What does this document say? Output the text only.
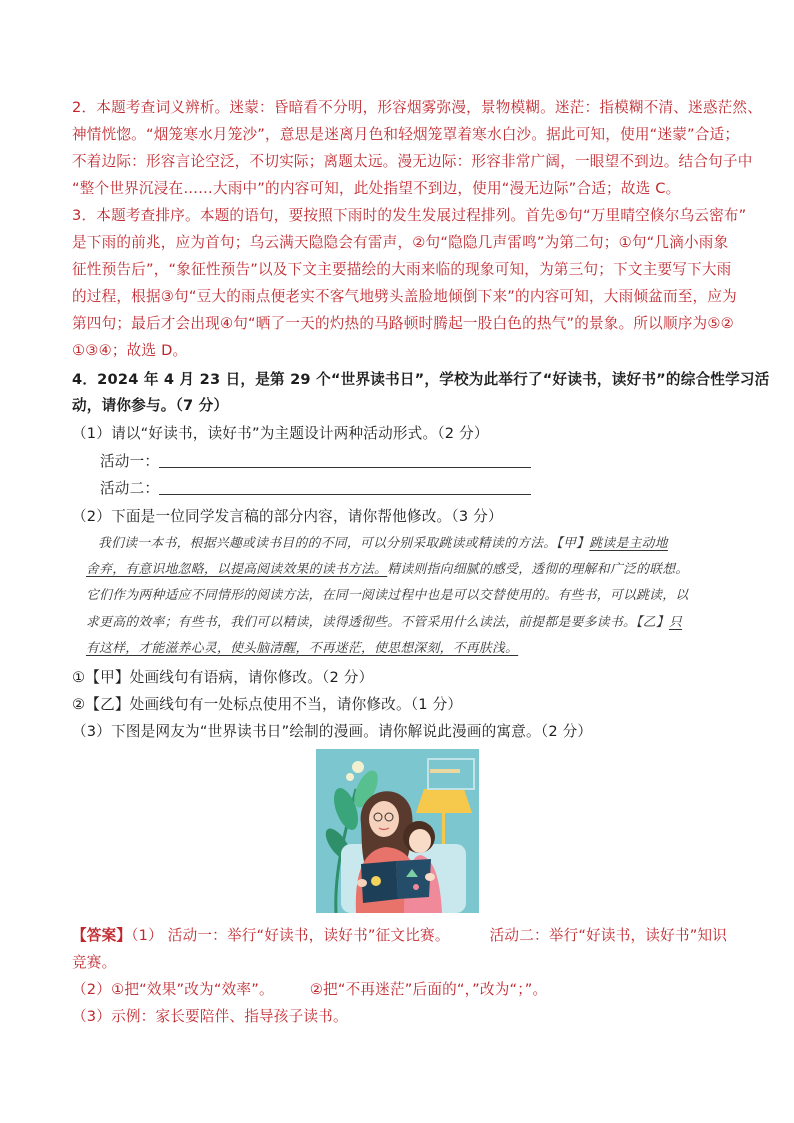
2．本题考查词义辨析。迷蒙：昏暗看不分明，形容烟雾弥漫，景物模糊。迷茫：指模糊不清、迷惑茫然、
神情恍惚。“烟笼寒水月笼沙”，意思是迷离月色和轻烟笼罩着寒水白沙。据此可知，使用“迷蒙”合适；
不着边际：形容言论空泛，不切实际；离题太远。漫无边际：形容非常广阔，一眼望不到边。结合句子中
“整个世界沉浸在……大雨中”的内容可知，此处指望不到边，使用“漫无边际”合适；故选 C。
3．本题考查排序。本题的语句，要按照下雨时的发生发展过程排列。首先⑤句“万里晴空倏尔乌云密布”
是下雨的前兆，应为首句；乌云满天隐隐会有雷声，②句“隐隐几声雷鸣”为第二句；①句“几滴小雨象
征性预告后”，“象征性预告”以及下文主要描绘的大雨来临的现象可知，为第三句；下文主要写下大雨
的过程，根据③句“豆大的雨点便老实不客气地劈头盖脸地倾倒下来”的内容可知，大雨倾盆而至，应为
第四句；最后才会出现④句“晒了一天的灼热的马路顿时腾起一股白色的热气”的景象。所以顺序为⑤②
①③④；故选 D。
4．2024 年 4 月 23 日，是第 29 个“世界读书日”，学校为此举行了“好读书，读好书”的综合性学习活
动，请你参与。（7 分）
（1）请以“好读书，读好书”为主题设计两种活动形式。（2 分）
活动一：
活动二：
（2）下面是一位同学发言稿的部分内容，请你帮他修改。（3 分）
我们读一本书，根据兴趣或读书目的的不同，可以分别采取跳读或精读的方法。【甲】跳读是主动地
舍弃，有意识地忽略，以提高阅读效果的读书方法。精读则指向细腻的感受，透彻的理解和广泛的联想。
它们作为两种适应不同情形的阅读方法，在同一阅读过程中也是可以交替使用的。有些书，可以跳读，以
求更高的效率；有些书，我们可以精读，读得透彻些。不管采用什么读法，前提都是要多读书。【乙】只
有这样，才能滋养心灵，使头脑清醒，不再迷茫，使思想深刻，不再肤浅。
①【甲】处画线句有语病，请你修改。（2 分）
②【乙】处画线句有一处标点使用不当，请你修改。（1 分）
（3）下图是网友为“世界读书日”绘制的漫画。请你解说此漫画的寓意。（2 分）
【答案】（1） 活动一：举行“好读书，读好书”征文比赛。	活动二：举行“好读书，读好书”知识
竞赛。
（2）①把“效果”改为“效率”。 ②把“不再迷茫”后面的“，”改为“；”。
（3）示例：家长要陪伴、指导孩子读书。
